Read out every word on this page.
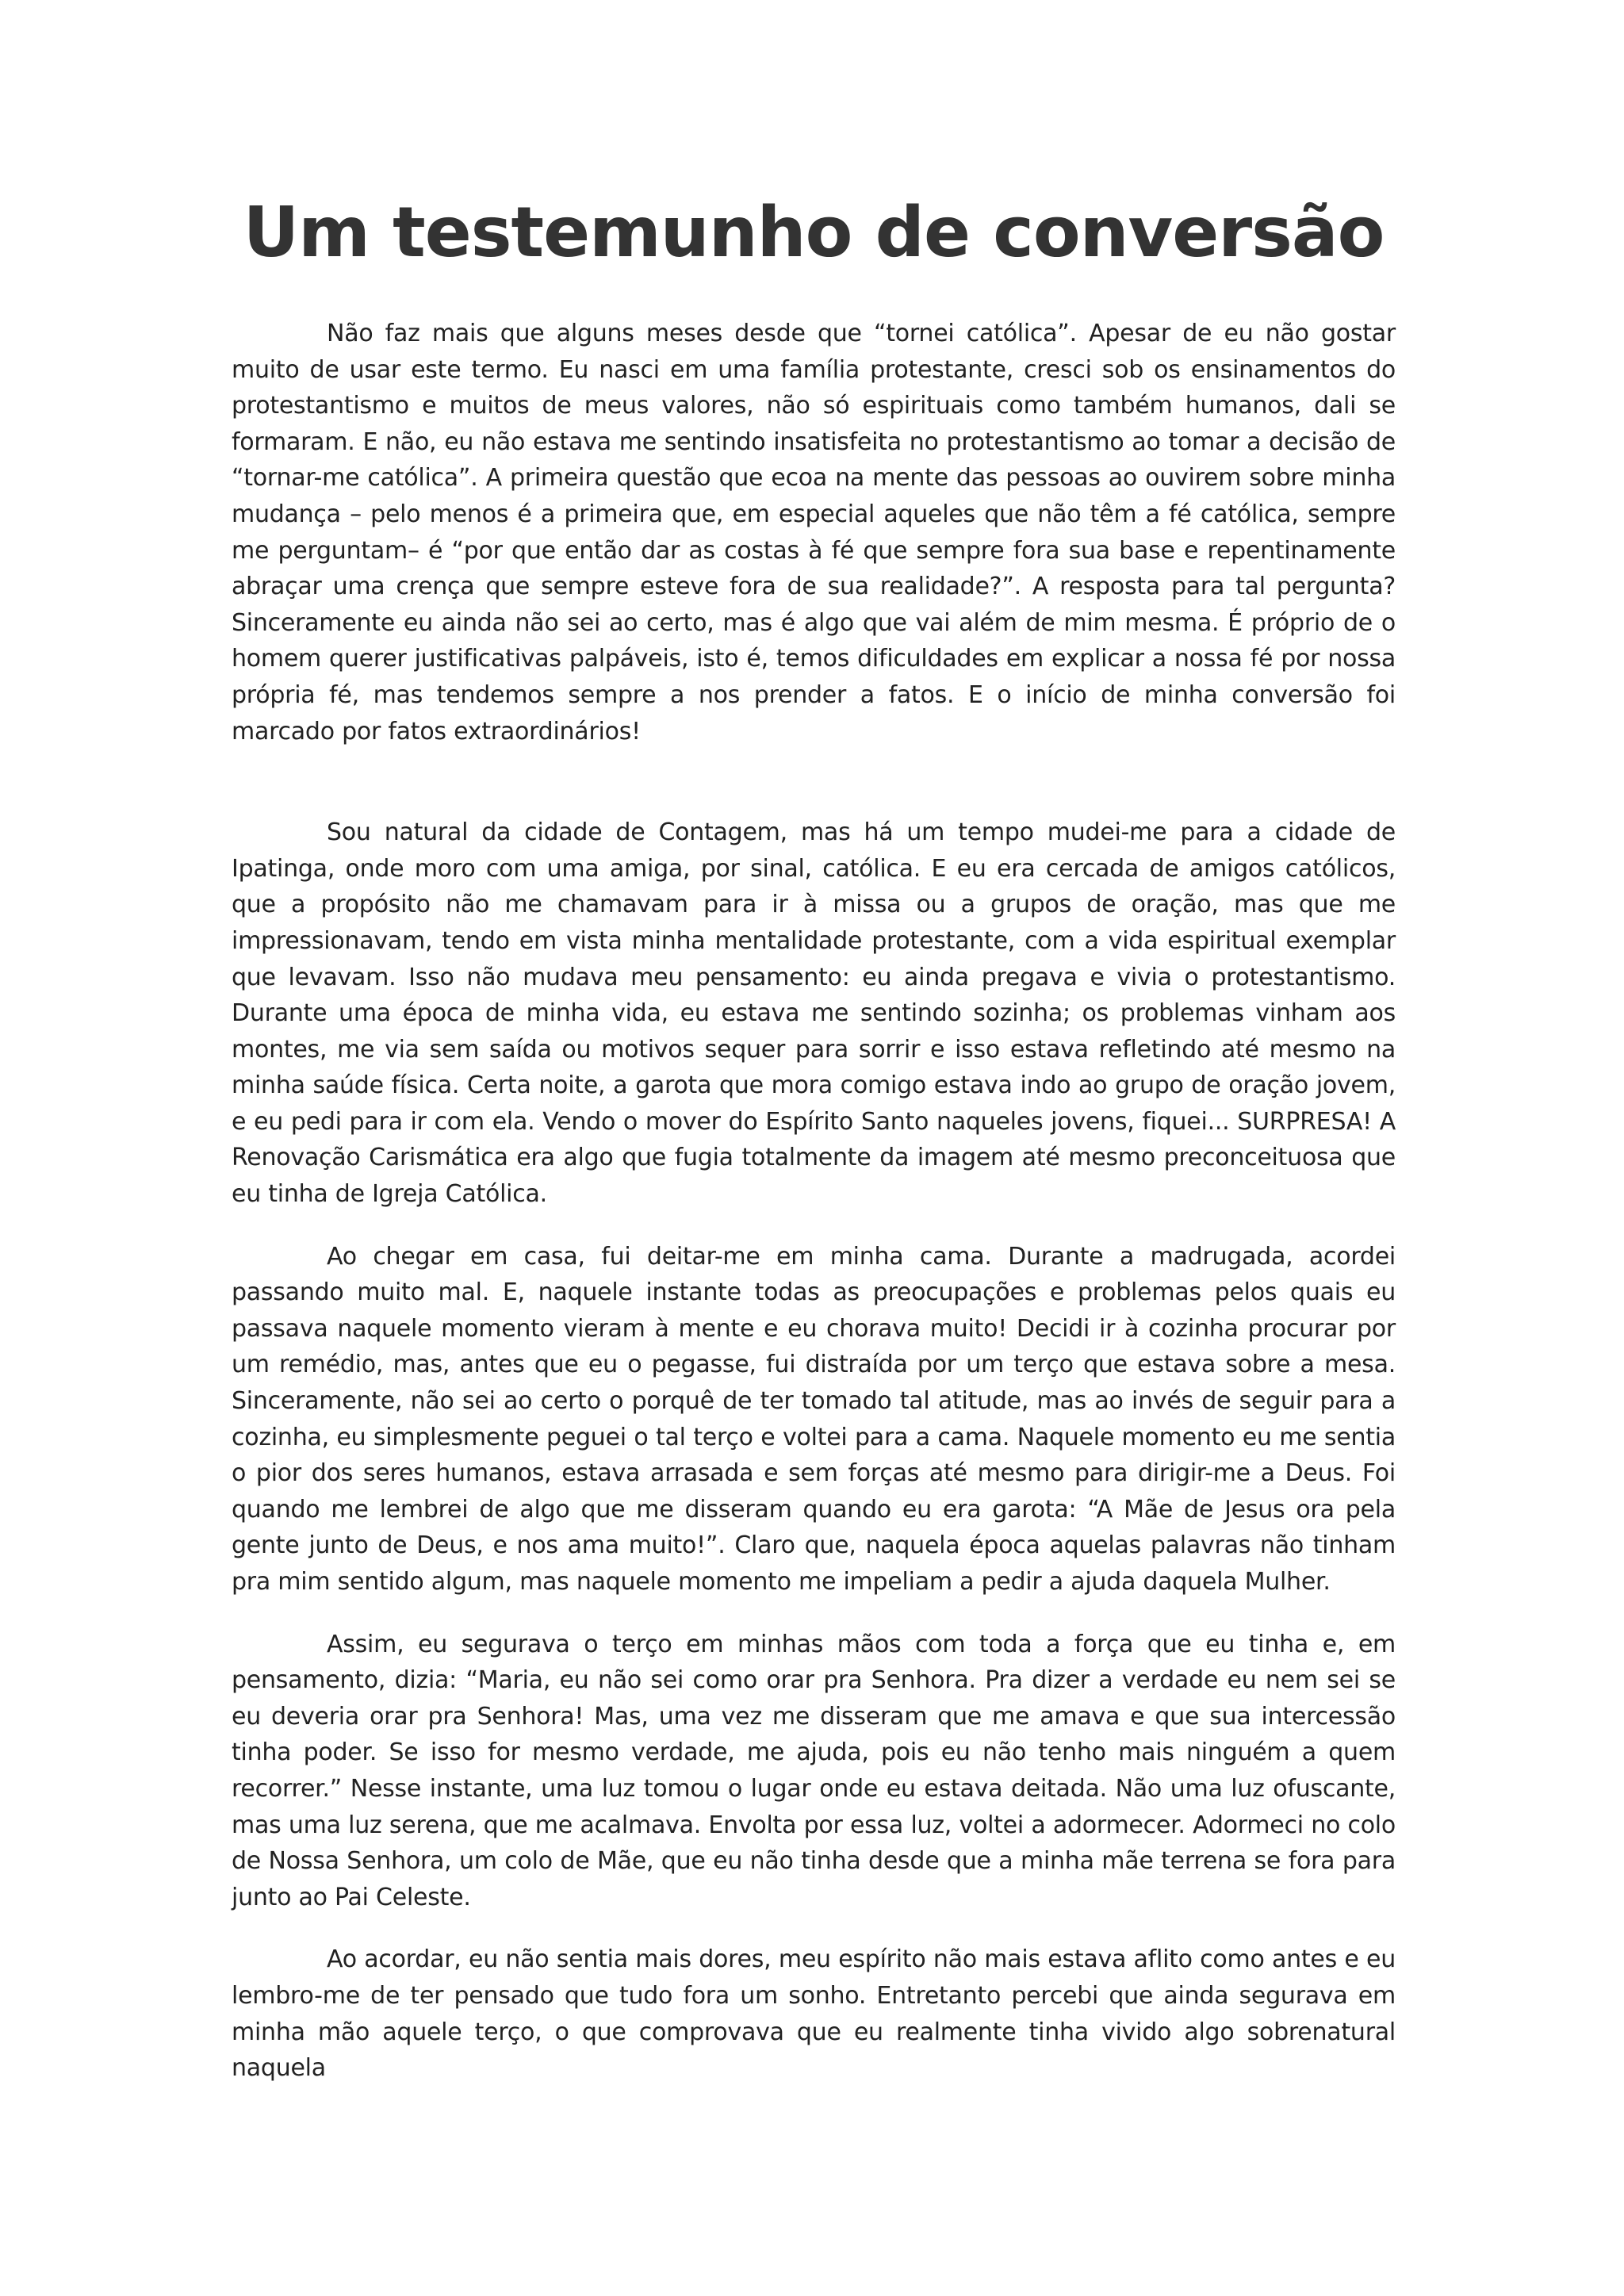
Um testemunho de conversão

Não faz mais que alguns meses desde que “tornei católica”. Apesar de eu não gostar muito de usar este termo. Eu nasci em uma família protestante, cresci sob os ensinamentos do protestantismo e muitos de meus valores, não só espirituais como também humanos, dali se formaram. E não, eu não estava me sentindo insatisfeita no protestantismo ao tomar a decisão de “tornar-me católica”. A primeira questão que ecoa na mente das pessoas ao ouvirem sobre minha mudança – pelo menos é a primeira que, em especial aqueles que não têm a fé católica, sempre me perguntam– é “por que então dar as costas à fé que sempre fora sua base e repentinamente abraçar uma crença que sempre esteve fora de sua realidade?”. A resposta para tal pergunta? Sinceramente eu ainda não sei ao certo, mas é algo que vai além de mim mesma. É próprio de o homem querer justificativas palpáveis, isto é, temos dificuldades em explicar a nossa fé por nossa própria fé, mas tendemos sempre a nos prender a fatos. E o início de minha conversão foi marcado por fatos extraordinários!

Sou natural da cidade de Contagem, mas há um tempo mudei-me para a cidade de Ipatinga, onde moro com uma amiga, por sinal, católica. E eu era cercada de amigos católicos, que a propósito não me chamavam para ir à missa ou a grupos de oração, mas que me impressionavam, tendo em vista minha mentalidade protestante, com a vida espiritual exemplar que levavam. Isso não mudava meu pensamento: eu ainda pregava e vivia o protestantismo. Durante uma época de minha vida, eu estava me sentindo sozinha; os problemas vinham aos montes, me via sem saída ou motivos sequer para sorrir e isso estava refletindo até mesmo na minha saúde física. Certa noite, a garota que mora comigo estava indo ao grupo de oração jovem, e eu pedi para ir com ela. Vendo o mover do Espírito Santo naqueles jovens, fiquei... SURPRESA! A Renovação Carismática era algo que fugia totalmente da imagem até mesmo preconceituosa que eu tinha de Igreja Católica.

Ao chegar em casa, fui deitar-me em minha cama. Durante a madrugada, acordei passando muito mal. E, naquele instante todas as preocupações e problemas pelos quais eu passava naquele momento vieram à mente e eu chorava muito! Decidi ir à cozinha procurar por um remédio, mas, antes que eu o pegasse, fui distraída por um terço que estava sobre a mesa. Sinceramente, não sei ao certo o porquê de ter tomado tal atitude, mas ao invés de seguir para a cozinha, eu simplesmente peguei o tal terço e voltei para a cama. Naquele momento eu me sentia o pior dos seres humanos, estava arrasada e sem forças até mesmo para dirigir-me a Deus. Foi quando me lembrei de algo que me disseram quando eu era garota: “A Mãe de Jesus ora pela gente junto de Deus, e nos ama muito!”. Claro que, naquela época aquelas palavras não tinham pra mim sentido algum, mas naquele momento me impeliam a pedir a ajuda daquela Mulher.

Assim, eu segurava o terço em minhas mãos com toda a força que eu tinha e, em pensamento, dizia: “Maria, eu não sei como orar pra Senhora. Pra dizer a verdade eu nem sei se eu deveria orar pra Senhora! Mas, uma vez me disseram que me amava e que sua intercessão tinha poder. Se isso for mesmo verdade, me ajuda, pois eu não tenho mais ninguém a quem recorrer.” Nesse instante, uma luz tomou o lugar onde eu estava deitada. Não uma luz ofuscante, mas uma luz serena, que me acalmava. Envolta por essa luz, voltei a adormecer. Adormeci no colo de Nossa Senhora, um colo de Mãe, que eu não tinha desde que a minha mãe terrena se fora para junto ao Pai Celeste.

Ao acordar, eu não sentia mais dores, meu espírito não mais estava aflito como antes e eu lembro-me de ter pensado que tudo fora um sonho. Entretanto percebi que ainda segurava em minha mão aquele terço, o que comprovava que eu realmente tinha vivido algo sobrenatural naquela
